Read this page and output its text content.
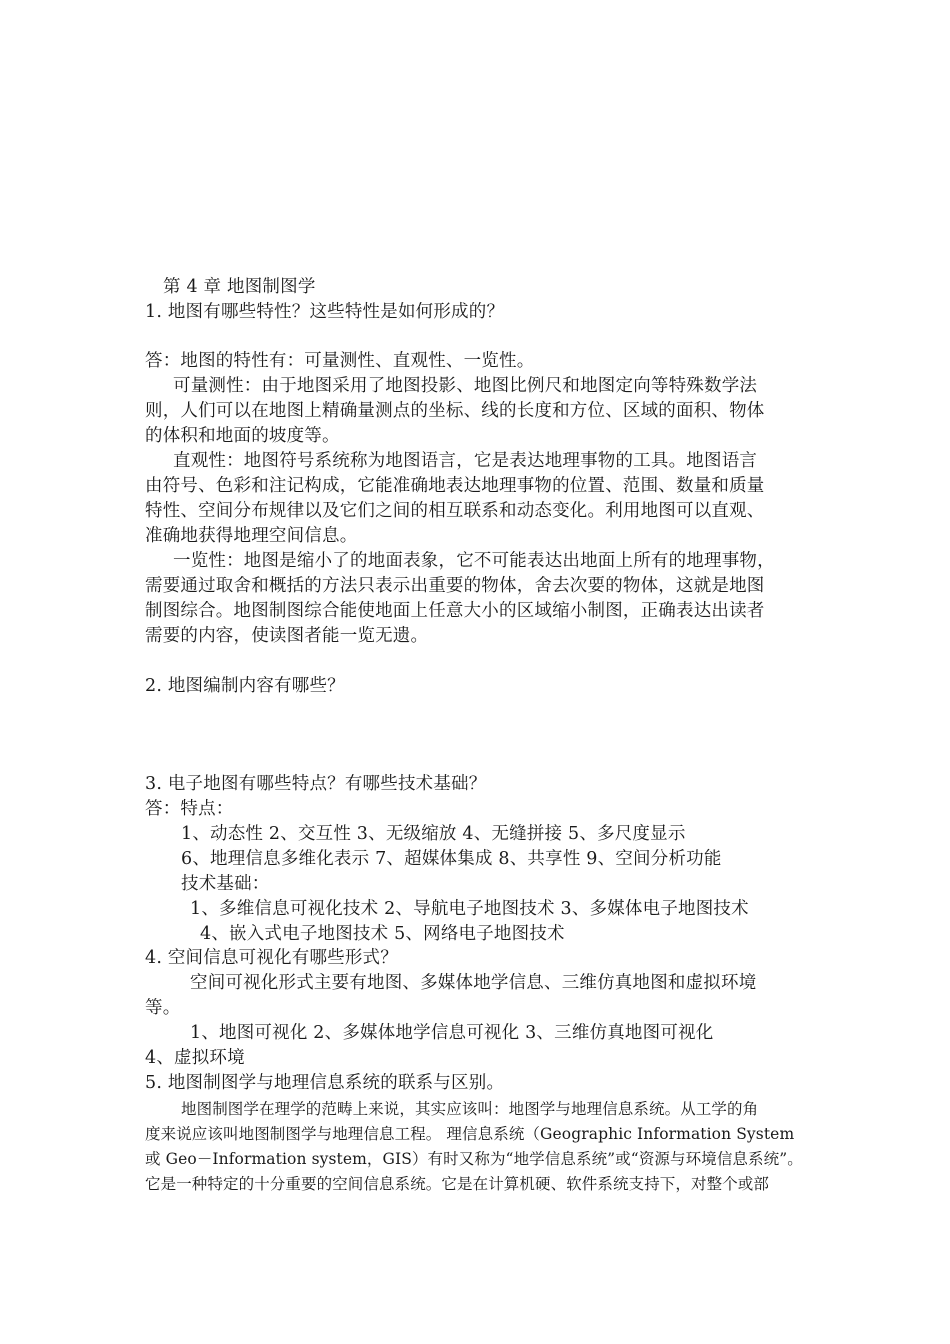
第 4 章 地图制图学
1. 地图有哪些特性？这些特性是如何形成的？
答：地图的特性有：可量测性、直观性、一览性。
可量测性：由于地图采用了地图投影、地图比例尺和地图定向等特殊数学法
则，人们可以在地图上精确量测点的坐标、线的长度和方位、区域的面积、物体
的体积和地面的坡度等。
直观性：地图符号系统称为地图语言，它是表达地理事物的工具。地图语言
由符号、色彩和注记构成，它能准确地表达地理事物的位置、范围、数量和质量
特性、空间分布规律以及它们之间的相互联系和动态变化。利用地图可以直观、
准确地获得地理空间信息。
一览性：地图是缩小了的地面表象，它不可能表达出地面上所有的地理事物，
需要通过取舍和概括的方法只表示出重要的物体，舍去次要的物体，这就是地图
制图综合。地图制图综合能使地面上任意大小的区域缩小制图，正确表达出读者
需要的内容，使读图者能一览无遗。
2. 地图编制内容有哪些？
3. 电子地图有哪些特点？有哪些技术基础？
答：特点：
1、动态性 2、交互性 3、无级缩放 4、无缝拼接 5、多尺度显示
6、地理信息多维化表示 7、超媒体集成 8、共享性 9、空间分析功能
技术基础：
1、多维信息可视化技术 2、导航电子地图技术 3、多媒体电子地图技术
4、嵌入式电子地图技术 5、网络电子地图技术
4. 空间信息可视化有哪些形式？
空间可视化形式主要有地图、多媒体地学信息、三维仿真地图和虚拟环境
等。
1、地图可视化 2、多媒体地学信息可视化 3、三维仿真地图可视化
4、虚拟环境
5. 地图制图学与地理信息系统的联系与区别。
地图制图学在理学的范畴上来说，其实应该叫：地图学与地理信息系统。从工学的角
度来说应该叫地图制图学与地理信息工程。 理信息系统（Geographic Information System
或 Geo－Information system，GIS）有时又称为“地学信息系统”或“资源与环境信息系统”。
它是一种特定的十分重要的空间信息系统。它是在计算机硬、软件系统支持下，对整个或部
